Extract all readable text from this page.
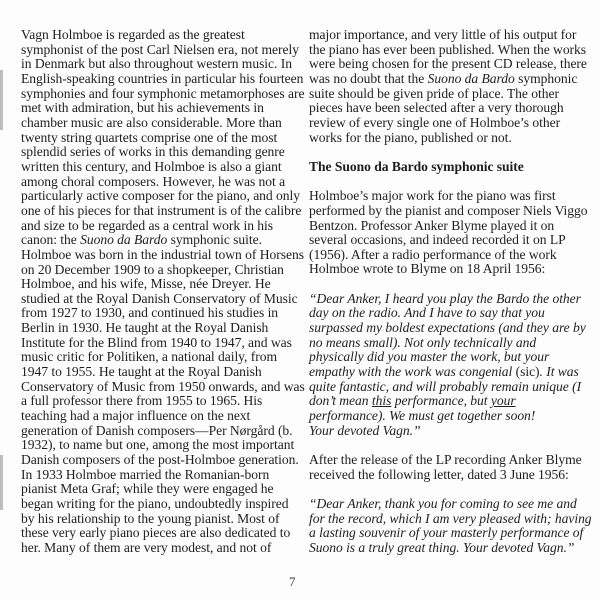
Vagn Holmboe is regarded as the greatest

symphonist of the post Carl Nielsen era, not merely

in Denmark but also throughout western music. In

English-speaking countries in particular his fourteen

symphonies and four symphonic metamorphoses are

met with admiration, but his achievements in

chamber music are also considerable. More than

twenty string quartets comprise one of the most

splendid series of works in this demanding genre

written this century, and Holmboe is also a giant

among choral composers. However, he was not a

particularly active composer for the piano, and only

one of his pieces for that instrument is of the calibre

and size to be regarded as a central work in his

canon: the Suono da Bardo symphonic suite.

Holmboe was born in the industrial town of Horsens

on 20 December 1909 to a shopkeeper, Christian

Holmboe, and his wife, Misse, née Dreyer. He

studied at the Royal Danish Conservatory of Music

from 1927 to 1930, and continued his studies in

Berlin in 1930. He taught at the Royal Danish

Institute for the Blind from 1940 to 1947, and was

music critic for Politiken, a national daily, from

1947 to 1955. He taught at the Royal Danish

Conservatory of Music from 1950 onwards, and was

a full professor there from 1955 to 1965. His

teaching had a major influence on the next

generation of Danish composers—Per Nørgård (b.

1932), to name but one, among the most important

Danish composers of the post-Holmboe generation.

In 1933 Holmboe married the Romanian-born

pianist Meta Graf; while they were engaged he

began writing for the piano, undoubtedly inspired

by his relationship to the young pianist. Most of

these very early piano pieces are also dedicated to

her. Many of them are very modest, and not of

major importance, and very little of his output for

the piano has ever been published. When the works

were being chosen for the present CD release, there

was no doubt that the Suono da Bardo symphonic

suite should be given pride of place. The other

pieces have been selected after a very thorough

review of every single one of Holmboe’s other

works for the piano, published or not.

The Suono da Bardo symphonic suite

Holmboe’s major work for the piano was first

performed by the pianist and composer Niels Viggo

Bentzon. Professor Anker Blyme played it on

several occasions, and indeed recorded it on LP

(1956). After a radio performance of the work

Holmboe wrote to Blyme on 18 April 1956:

“Dear Anker, I heard you play the Bardo the other

day on the radio. And I have to say that you

surpassed my boldest expectations (and they are by

no means small). Not only technically and

physically did you master the work, but your

empathy with the work was congenial (sic). It was

quite fantastic, and will probably remain unique (I

don’t mean this performance, but your

performance). We must get together soon!

Your devoted Vagn.”

After the release of the LP recording Anker Blyme

received the following letter, dated 3 June 1956:

“Dear Anker, thank you for coming to see me and

for the record, which I am very pleased with; having

a lasting souvenir of your masterly performance of

Suono is a truly great thing. Your devoted Vagn.”

7
